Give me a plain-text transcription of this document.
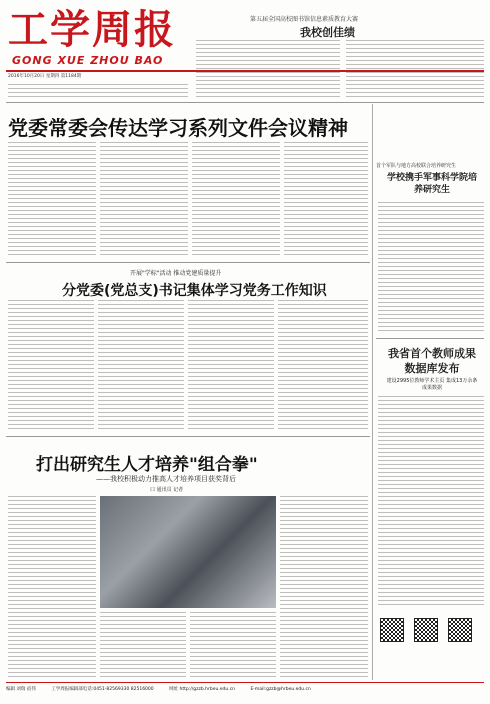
工学周报
GONG XUE ZHOU BAO
2016年10月20日 星期四 第1184期
第五届全国高校图书馆信息素质教育大赛
我校创佳绩
党委常委会传达学习系列文件会议精神
开展"学标"活动 推动党建质量提升
分党委(党总支)书记集体学习党务工作知识
打出研究生人才培养"组合拳"
——我校积极动力推高人才培养项目获奖背后
口 通讯员 记者
首个军队与地方高校联合培养研究生
学校携手军事科学院培养研究生
我省首个教师成果数据库发布
建设2995位教师学术主页 集成13万余条成果数据
编辑 刘瑞 宿伟	工学周报编辑部电话:0451-82569330 82516000	网址 http://gzzb.hrbeu.edu.cn	E-mail:gzzb@hrbeu.edu.cn
